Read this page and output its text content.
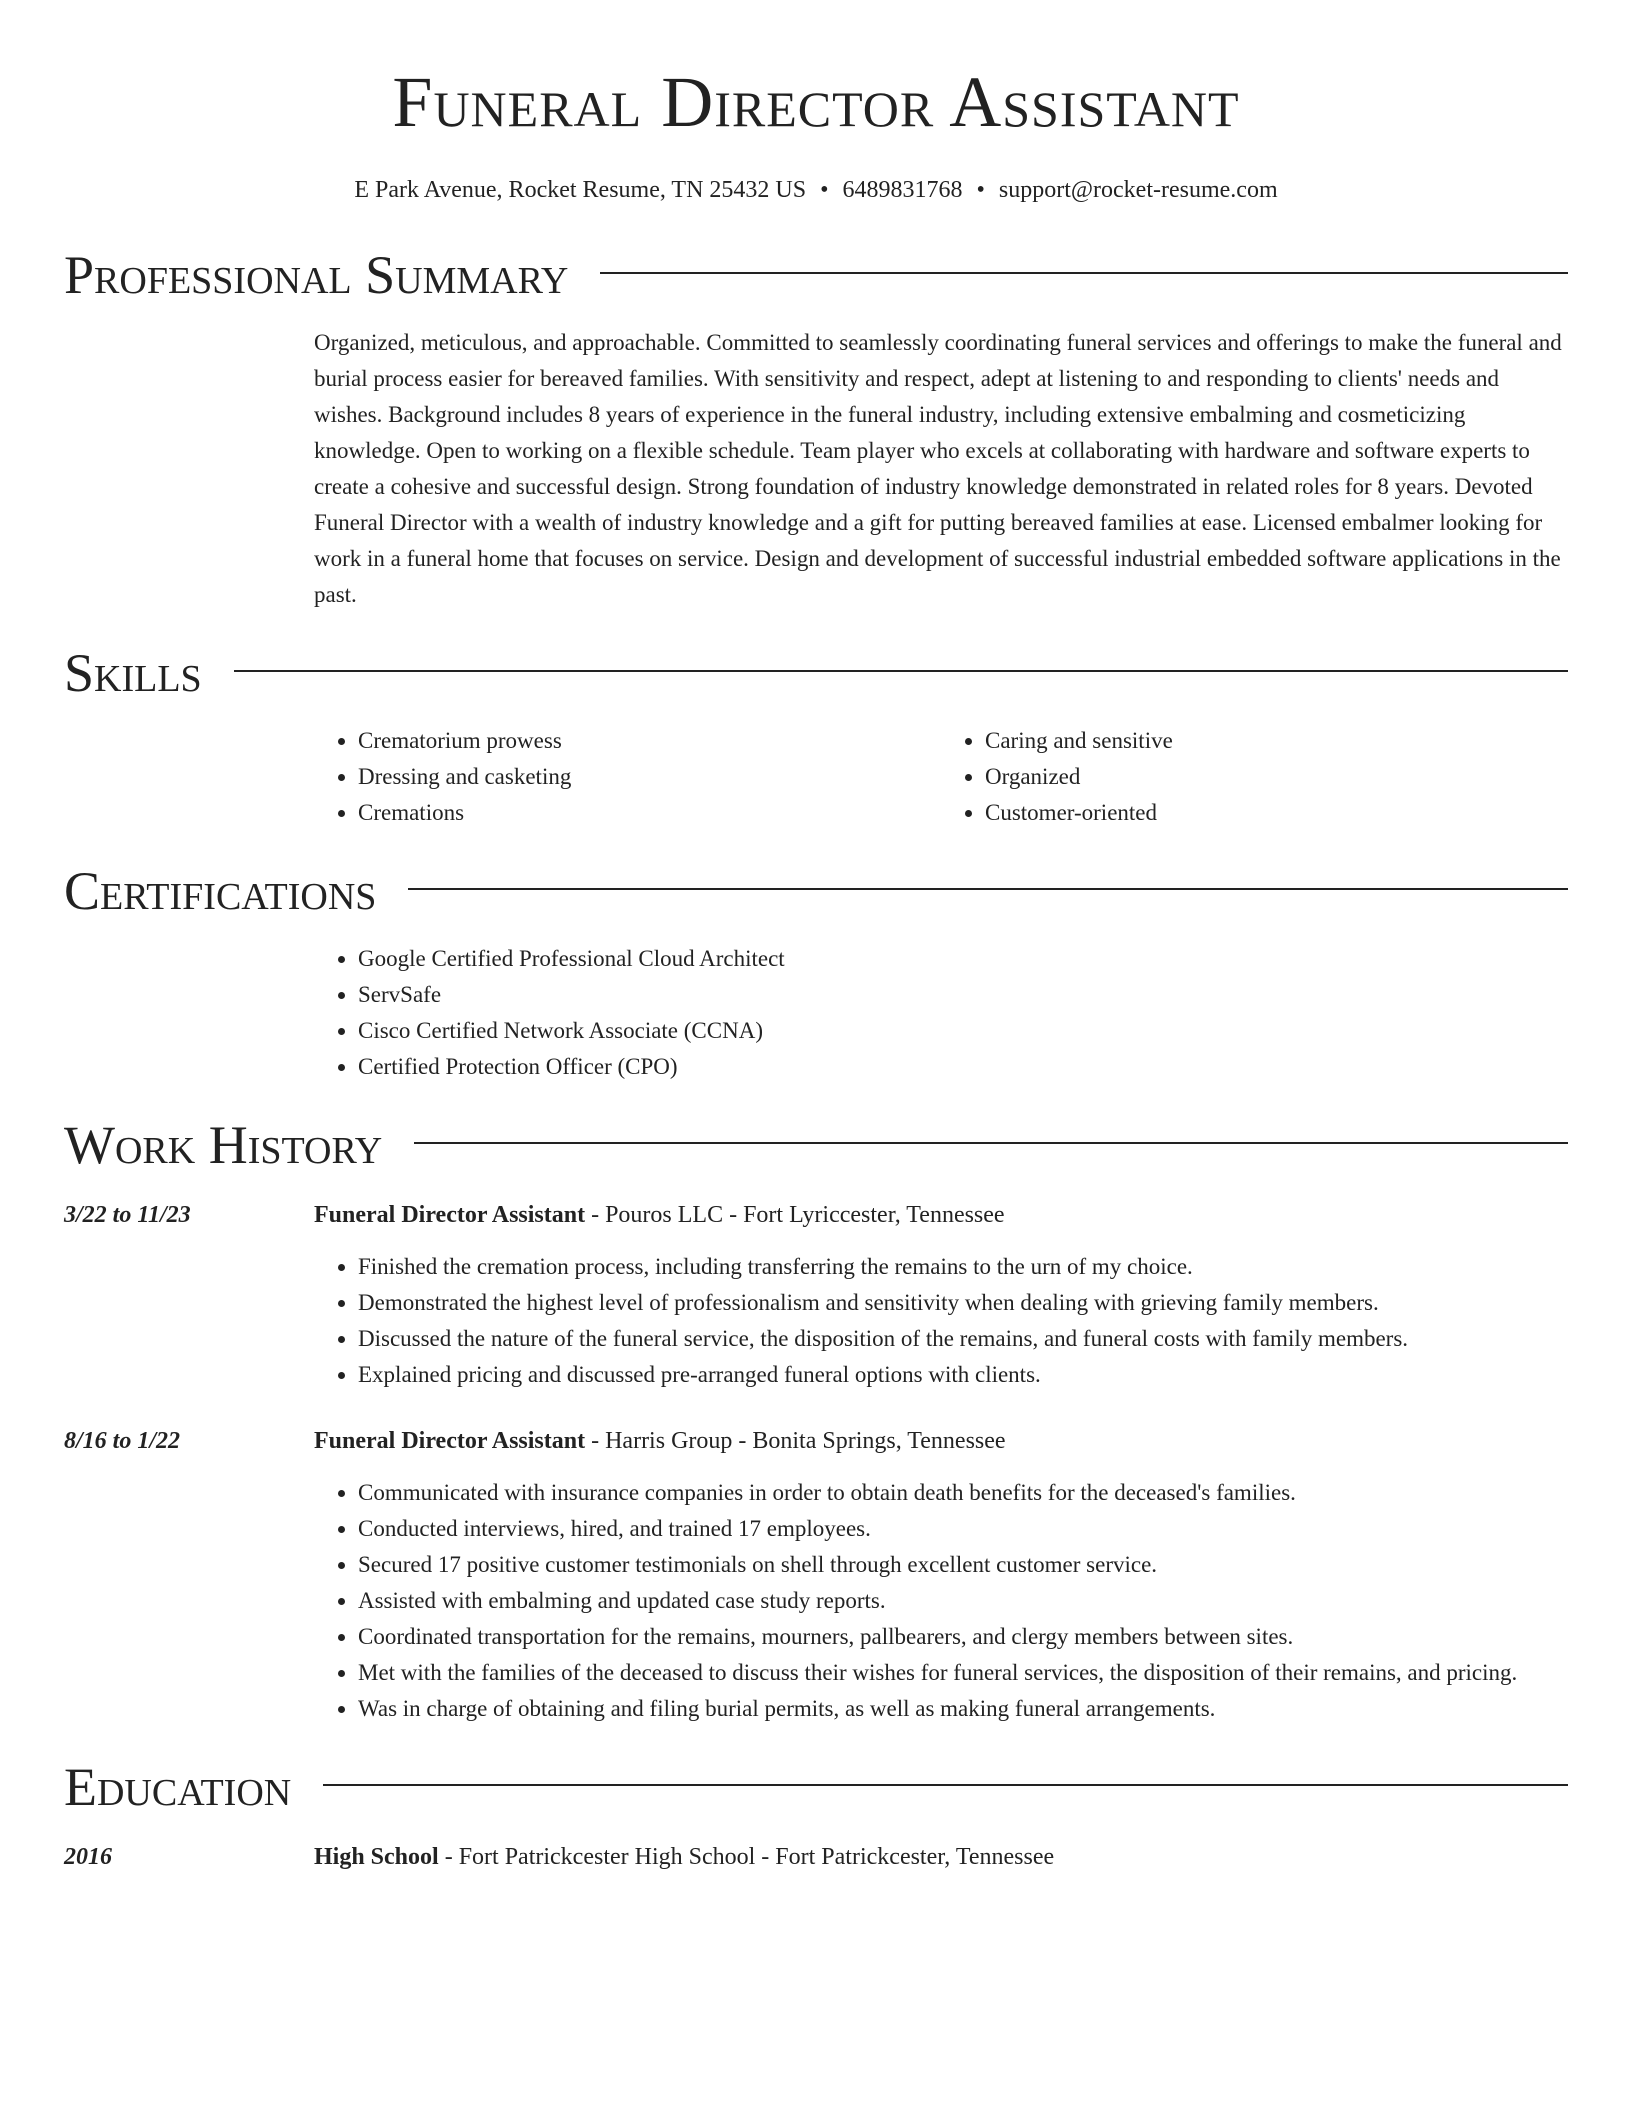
Funeral Director Assistant
E Park Avenue, Rocket Resume, TN 25432 US • 6489831768 • support@rocket-resume.com
Professional Summary

Organized, meticulous, and approachable. Committed to seamlessly coordinating funeral services and offerings to make the funeral and burial process easier for bereaved families. With sensitivity and respect, adept at listening to and responding to clients' needs and wishes. Background includes 8 years of experience in the funeral industry, including extensive embalming and cosmeticizing knowledge. Open to working on a flexible schedule. Team player who excels at collaborating with hardware and software experts to create a cohesive and successful design. Strong foundation of industry knowledge demonstrated in related roles for 8 years. Devoted Funeral Director with a wealth of industry knowledge and a gift for putting bereaved families at ease. Licensed embalmer looking for work in a funeral home that focuses on service. Design and development of successful industrial embedded software applications in the past.

Skills
• Crematorium prowess
• Dressing and casketing
• Cremations
• Caring and sensitive
• Organized
• Customer-oriented
Certifications
• Google Certified Professional Cloud Architect
• ServSafe
• Cisco Certified Network Associate (CCNA)
• Certified Protection Officer (CPO)
Work History
3/22 to 11/23	Funeral Director Assistant - Pouros LLC - Fort Lyriccester, Tennessee
• Finished the cremation process, including transferring the remains to the urn of my choice.
• Demonstrated the highest level of professionalism and sensitivity when dealing with grieving family members.
• Discussed the nature of the funeral service, the disposition of the remains, and funeral costs with family members.
• Explained pricing and discussed pre-arranged funeral options with clients.
8/16 to 1/22	Funeral Director Assistant - Harris Group - Bonita Springs, Tennessee
• Communicated with insurance companies in order to obtain death benefits for the deceased's families.
• Conducted interviews, hired, and trained 17 employees.
• Secured 17 positive customer testimonials on shell through excellent customer service.
• Assisted with embalming and updated case study reports.
• Coordinated transportation for the remains, mourners, pallbearers, and clergy members between sites.
• Met with the families of the deceased to discuss their wishes for funeral services, the disposition of their remains, and pricing.
• Was in charge of obtaining and filing burial permits, as well as making funeral arrangements.
Education
2016	High School - Fort Patrickcester High School - Fort Patrickcester, Tennessee
